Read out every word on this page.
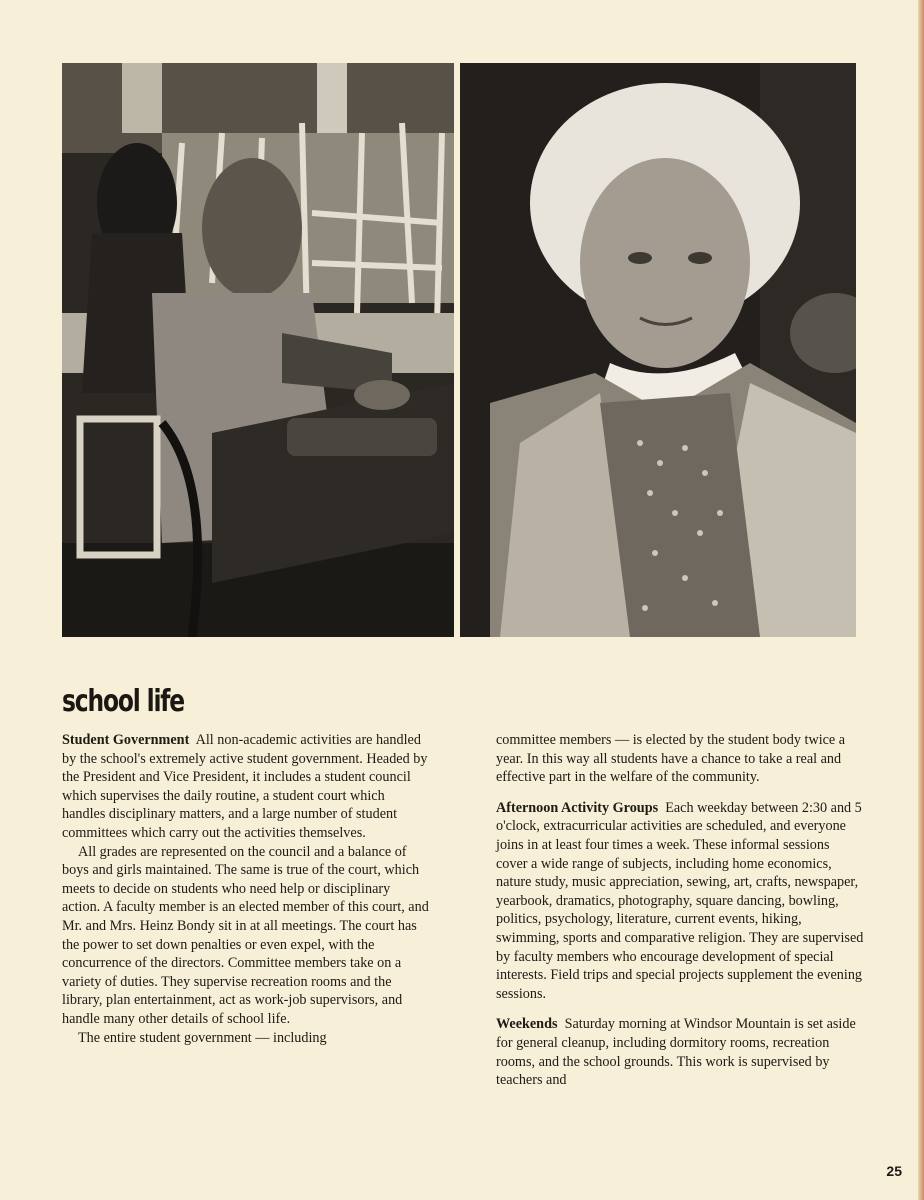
school life

Student Government All non-academic activities are handled by the school's extremely active student government. Headed by the President and Vice President, it includes a student council which supervises the daily routine, a student court which handles disciplinary matters, and a large number of student committees which carry out the activities themselves.

All grades are represented on the council and a balance of boys and girls maintained. The same is true of the court, which meets to decide on students who need help or disciplinary action. A faculty member is an elected member of this court, and Mr. and Mrs. Heinz Bondy sit in at all meetings. The court has the power to set down penalties or even expel, with the concurrence of the directors. Committee members take on a variety of duties. They supervise recreation rooms and the library, plan entertainment, act as work-job supervisors, and handle many other details of school life.

The entire student government — including

committee members — is elected by the student body twice a year. In this way all students have a chance to take a real and effective part in the welfare of the community.

Afternoon Activity Groups Each weekday between 2:30 and 5 o'clock, extracurricular activities are scheduled, and everyone joins in at least four times a week. These informal sessions cover a wide range of subjects, including home economics, nature study, music appreciation, sewing, art, crafts, newspaper, yearbook, dramatics, photography, square dancing, bowling, politics, psychology, literature, current events, hiking, swimming, sports and comparative religion. They are supervised by faculty members who encourage development of special interests. Field trips and special projects supplement the evening sessions.

Weekends Saturday morning at Windsor Mountain is set aside for general cleanup, including dormitory rooms, recreation rooms, and the school grounds. This work is supervised by teachers and

25
